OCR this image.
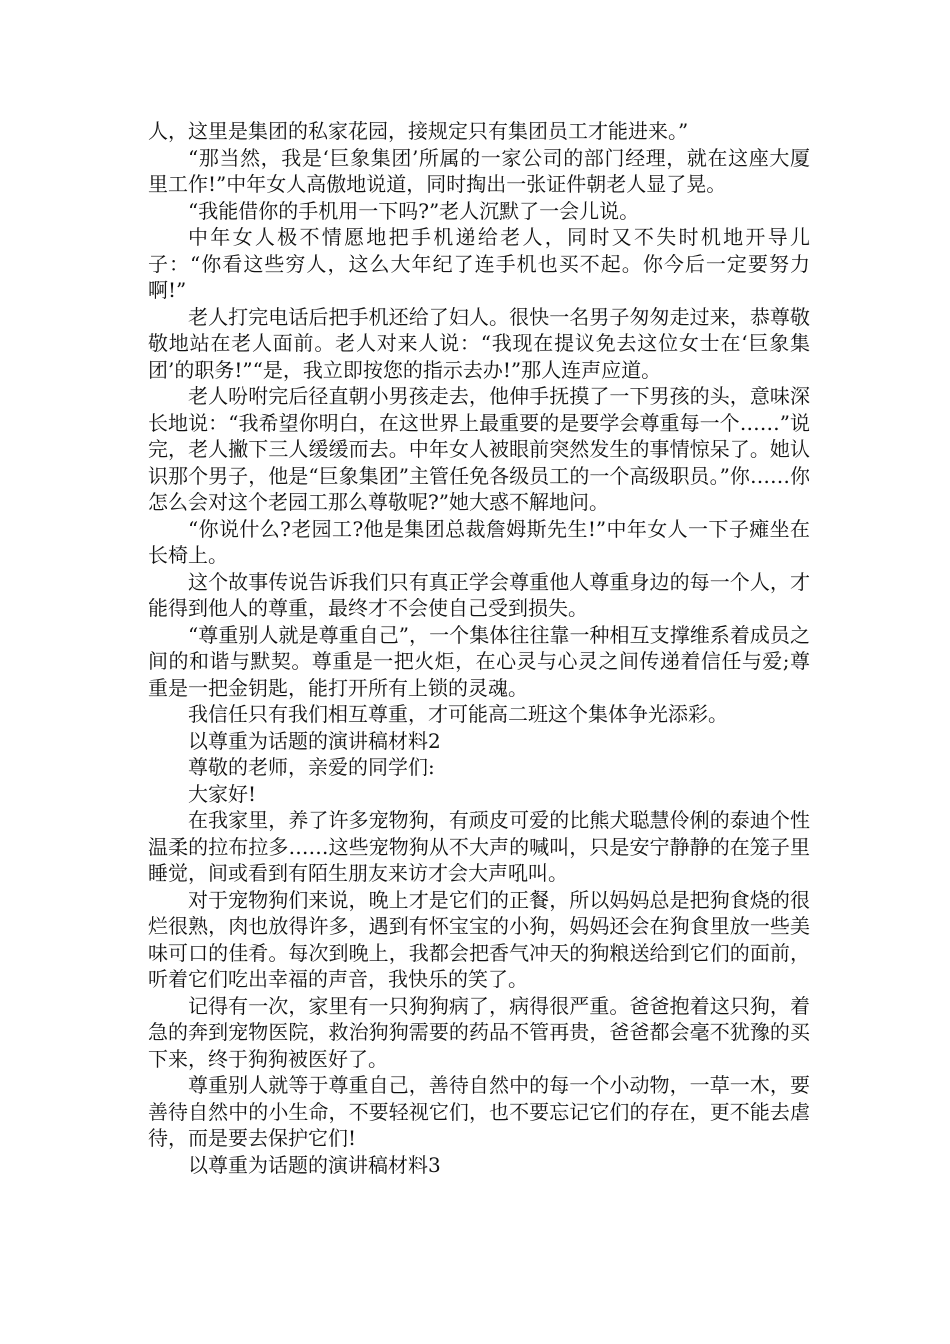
人，这里是集团的私家花园，接规定只有集团员工才能进来。”

“那当然，我是‘巨象集团’所属的一家公司的部门经理，就在这座大厦里工作!”中年女人高傲地说道，同时掏出一张证件朝老人显了晃。

“我能借你的手机用一下吗?”老人沉默了一会儿说。

中年女人极不情愿地把手机递给老人，同时又不失时机地开导儿子：“你看这些穷人，这么大年纪了连手机也买不起。你今后一定要努力啊!”

老人打完电话后把手机还给了妇人。很快一名男子匆匆走过来，恭尊敬敬地站在老人面前。老人对来人说：“我现在提议免去这位女士在‘巨象集团’的职务!”“是，我立即按您的指示去办!”那人连声应道。

老人吩咐完后径直朝小男孩走去，他伸手抚摸了一下男孩的头，意味深长地说：“我希望你明白，在这世界上最重要的是要学会尊重每一个……”说完，老人撇下三人缓缓而去。中年女人被眼前突然发生的事情惊呆了。她认识那个男子，他是“巨象集团”主管任免各级员工的一个高级职员。”你……你怎么会对这个老园工那么尊敬呢?”她大惑不解地问。

“你说什么?老园工?他是集团总裁詹姆斯先生!”中年女人一下子瘫坐在长椅上。

这个故事传说告诉我们只有真正学会尊重他人尊重身边的每一个人，才能得到他人的尊重，最终才不会使自己受到损失。

“尊重别人就是尊重自己”，一个集体往往靠一种相互支撑维系着成员之间的和谐与默契。尊重是一把火炬，在心灵与心灵之间传递着信任与爱;尊重是一把金钥匙，能打开所有上锁的灵魂。

我信任只有我们相互尊重，才可能高二班这个集体争光添彩。

以尊重为话题的演讲稿材料2

尊敬的老师，亲爱的同学们:

大家好!

在我家里，养了许多宠物狗，有顽皮可爱的比熊犬聪慧伶俐的泰迪个性温柔的拉布拉多……这些宠物狗从不大声的喊叫，只是安宁静静的在笼子里睡觉，间或看到有陌生朋友来访才会大声吼叫。

对于宠物狗们来说，晚上才是它们的正餐，所以妈妈总是把狗食烧的很烂很熟，肉也放得许多，遇到有怀宝宝的小狗，妈妈还会在狗食里放一些美味可口的佳肴。每次到晚上，我都会把香气冲天的狗粮送给到它们的面前，听着它们吃出幸福的声音，我快乐的笑了。

记得有一次，家里有一只狗狗病了，病得很严重。爸爸抱着这只狗，着急的奔到宠物医院，救治狗狗需要的药品不管再贵，爸爸都会毫不犹豫的买下来，终于狗狗被医好了。

尊重别人就等于尊重自己，善待自然中的每一个小动物，一草一木，要善待自然中的小生命，不要轻视它们，也不要忘记它们的存在，更不能去虐待，而是要去保护它们!

以尊重为话题的演讲稿材料3
